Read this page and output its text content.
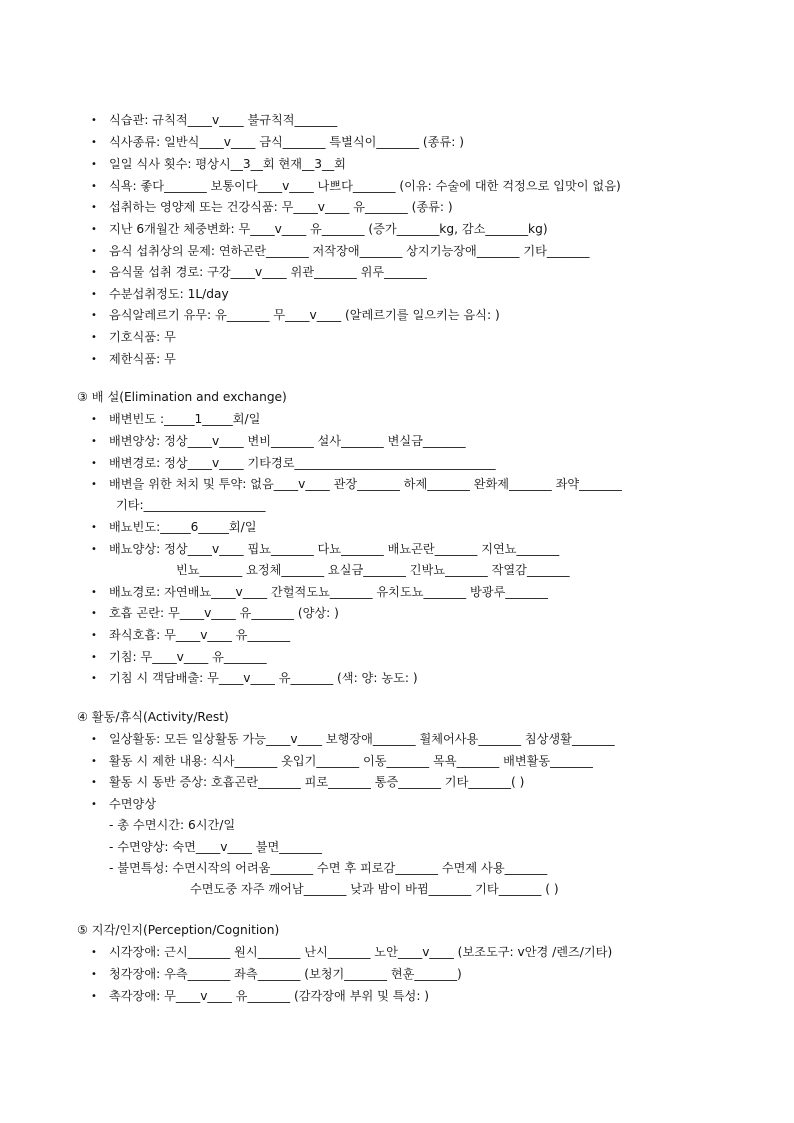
• 식습관: 규칙적____v____ 불규칙적_______
• 식사종류: 일반식____v____ 금식_______ 특별식이_______ (종류: )
• 일일 식사 횟수: 평상시__3__회 현재__3__회
• 식욕: 좋다_______ 보통이다____v____ 나쁘다_______ (이유: 수술에 대한 걱정으로 입맛이 없음)
• 섭취하는 영양제 또는 건강식품: 무____v____ 유_______ (종류: )
• 지난 6개월간 체중변화: 무____v____ 유_______ (증가_______kg, 감소_______kg)
• 음식 섭취상의 문제: 연하곤란_______ 저작장애_______ 상지기능장애_______ 기타_______
• 음식물 섭취 경로: 구강____v____ 위관_______ 위루_______
• 수분섭취정도: 1L/day
• 음식알레르기 유무: 유_______ 무____v____ (알레르기를 일으키는 음식: )
• 기호식품: 무
• 제한식품: 무
③ 배 설(Elimination and exchange)
• 배변빈도 :_____1_____회/일
• 배변양상: 정상____v____ 변비_______ 설사_______ 변실금_______
• 배변경로: 정상____v____ 기타경로_________________________________
• 배변을 위한 처치 및 투약: 없음____v____ 관장_______ 하제_______ 완화제_______ 좌약_______
기타:____________________
• 배뇨빈도:_____6_____회/일
• 배뇨양상: 정상____v____ 핍뇨_______ 다뇨_______ 배뇨곤란_______ 지연뇨_______
빈뇨_______ 요정체_______ 요실금_______ 긴박뇨_______ 작열감_______
• 배뇨경로: 자연배뇨____v____ 간헐적도뇨_______ 유치도뇨_______ 방광루_______
• 호흡 곤란: 무____v____ 유_______ (양상: )
• 좌식호흡: 무____v____ 유_______
• 기침: 무____v____ 유_______
• 기침 시 객담배출: 무____v____ 유_______ (색: 양: 농도: )
④ 활동/휴식(Activity/Rest)
• 일상활동: 모든 일상활동 가능____v____ 보행장애_______ 휠체어사용_______ 침상생활_______
• 활동 시 제한 내용: 식사_______ 옷입기_______ 이동_______ 목욕_______ 배변활동_______
• 활동 시 동반 증상: 호흡곤란_______ 피로_______ 통증_______ 기타_______( )
• 수면양상
- 총 수면시간: 6시간/일
- 수면양상: 숙면____v____ 불면_______
- 불면특성: 수면시작의 어려움_______ 수면 후 피로감_______ 수면제 사용_______
수면도중 자주 깨어남_______ 낮과 밤이 바뀜_______ 기타_______ ( )
⑤ 지각/인지(Perception/Cognition)
• 시각장애: 근시_______ 원시_______ 난시_______ 노안____v____ (보조도구: v안경 /렌즈/기타)
• 청각장애: 우측_______ 좌측_______ (보청기_______ 현훈_______)
• 촉각장애: 무____v____ 유_______ (감각장애 부위 및 특성: )
